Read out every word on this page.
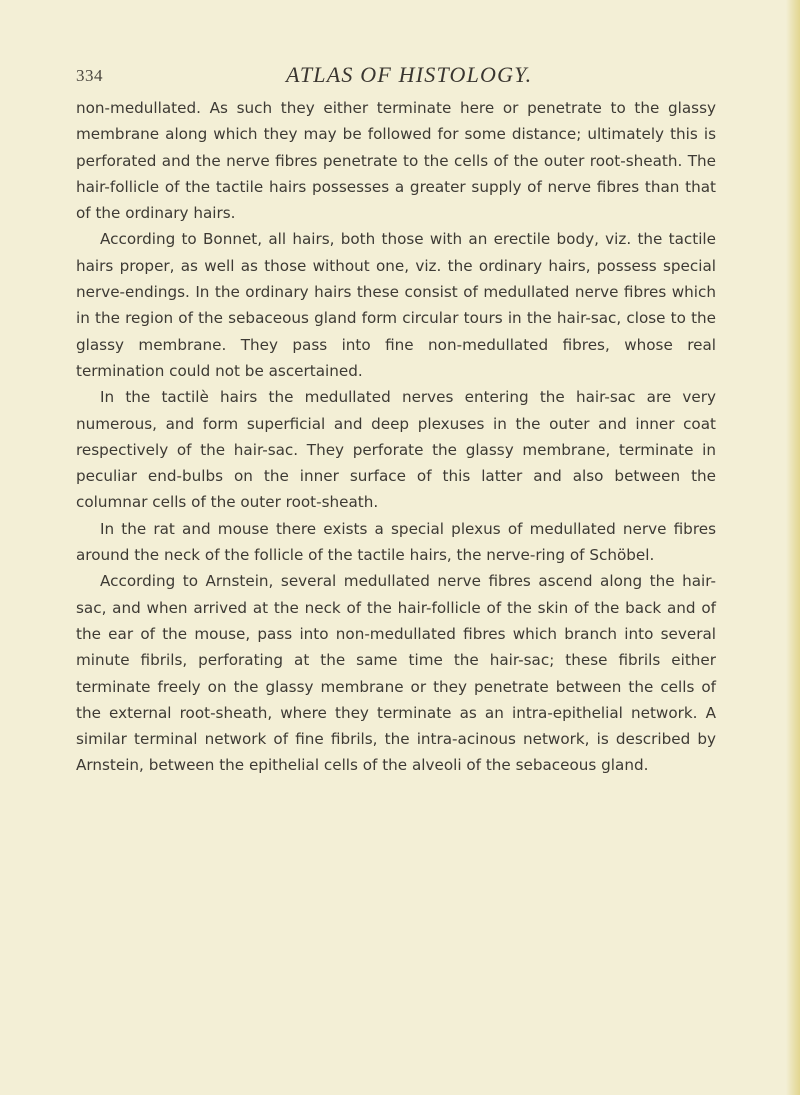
334	ATLAS OF HISTOLOGY.

non-medullated. As such they either terminate here or penetrate to the glassy membrane along which they may be followed for some distance; ultimately this is perforated and the nerve fibres penetrate to the cells of the outer root-sheath. The hair-follicle of the tactile hairs possesses a greater supply of nerve fibres than that of the ordinary hairs.

According to Bonnet, all hairs, both those with an erectile body, viz. the tactile hairs proper, as well as those without one, viz. the ordinary hairs, possess special nerve-endings. In the ordinary hairs these consist of medullated nerve fibres which in the region of the sebaceous gland form circular tours in the hair-sac, close to the glassy membrane. They pass into fine non-medullated fibres, whose real termination could not be ascertained.

In the tactilè hairs the medullated nerves entering the hair-sac are very numerous, and form superficial and deep plexuses in the outer and inner coat respectively of the hair-sac. They perforate the glassy membrane, terminate in peculiar end-bulbs on the inner surface of this latter and also between the columnar cells of the outer root-sheath.

In the rat and mouse there exists a special plexus of medullated nerve fibres around the neck of the follicle of the tactile hairs, the nerve-ring of Schöbel.

According to Arnstein, several medullated nerve fibres ascend along the hair-sac, and when arrived at the neck of the hair-follicle of the skin of the back and of the ear of the mouse, pass into non-medullated fibres which branch into several minute fibrils, perforating at the same time the hair-sac; these fibrils either terminate freely on the glassy membrane or they penetrate between the cells of the external root-sheath, where they terminate as an intra-epithelial network. A similar terminal network of fine fibrils, the intra-acinous network, is described by Arnstein, between the epithelial cells of the alveoli of the sebaceous gland.
